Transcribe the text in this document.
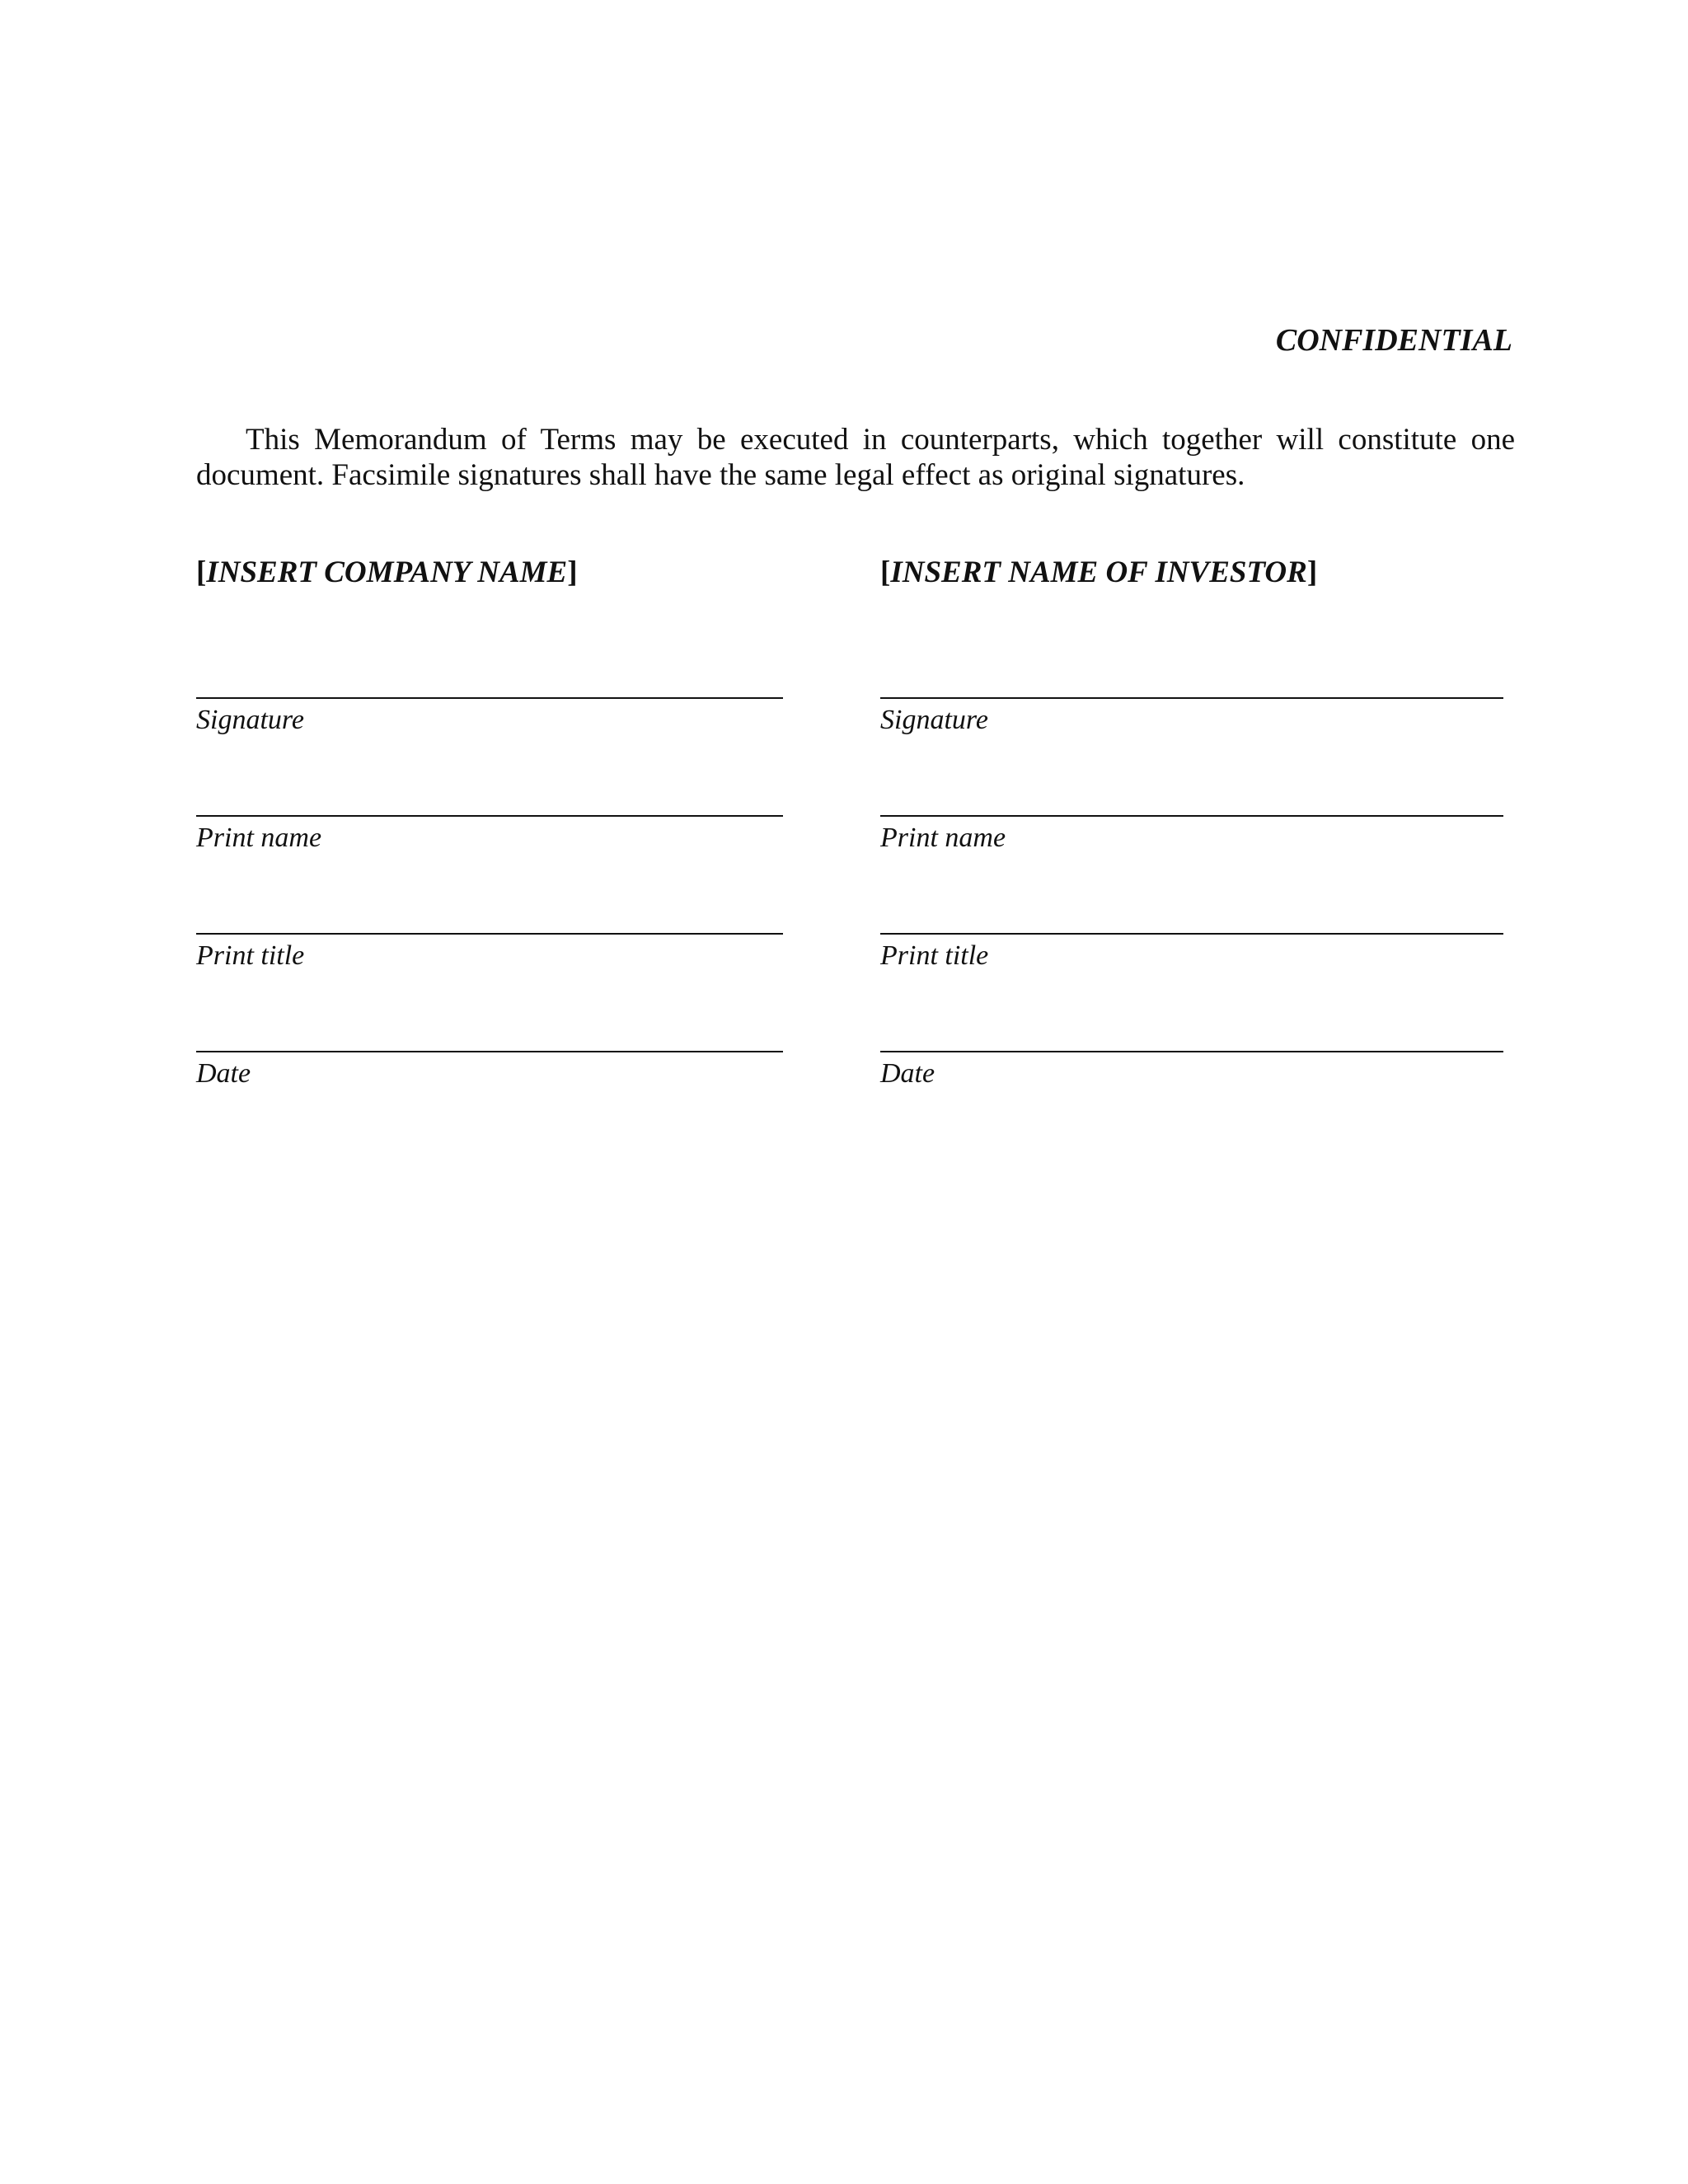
CONFIDENTIAL

This Memorandum of Terms may be executed in counterparts, which together will constitute one document. Facsimile signatures shall have the same legal effect as original signatures.

[INSERT COMPANY NAME]
Signature
Print name
Print title
Date
[INSERT NAME OF INVESTOR]
Signature
Print name
Print title
Date
